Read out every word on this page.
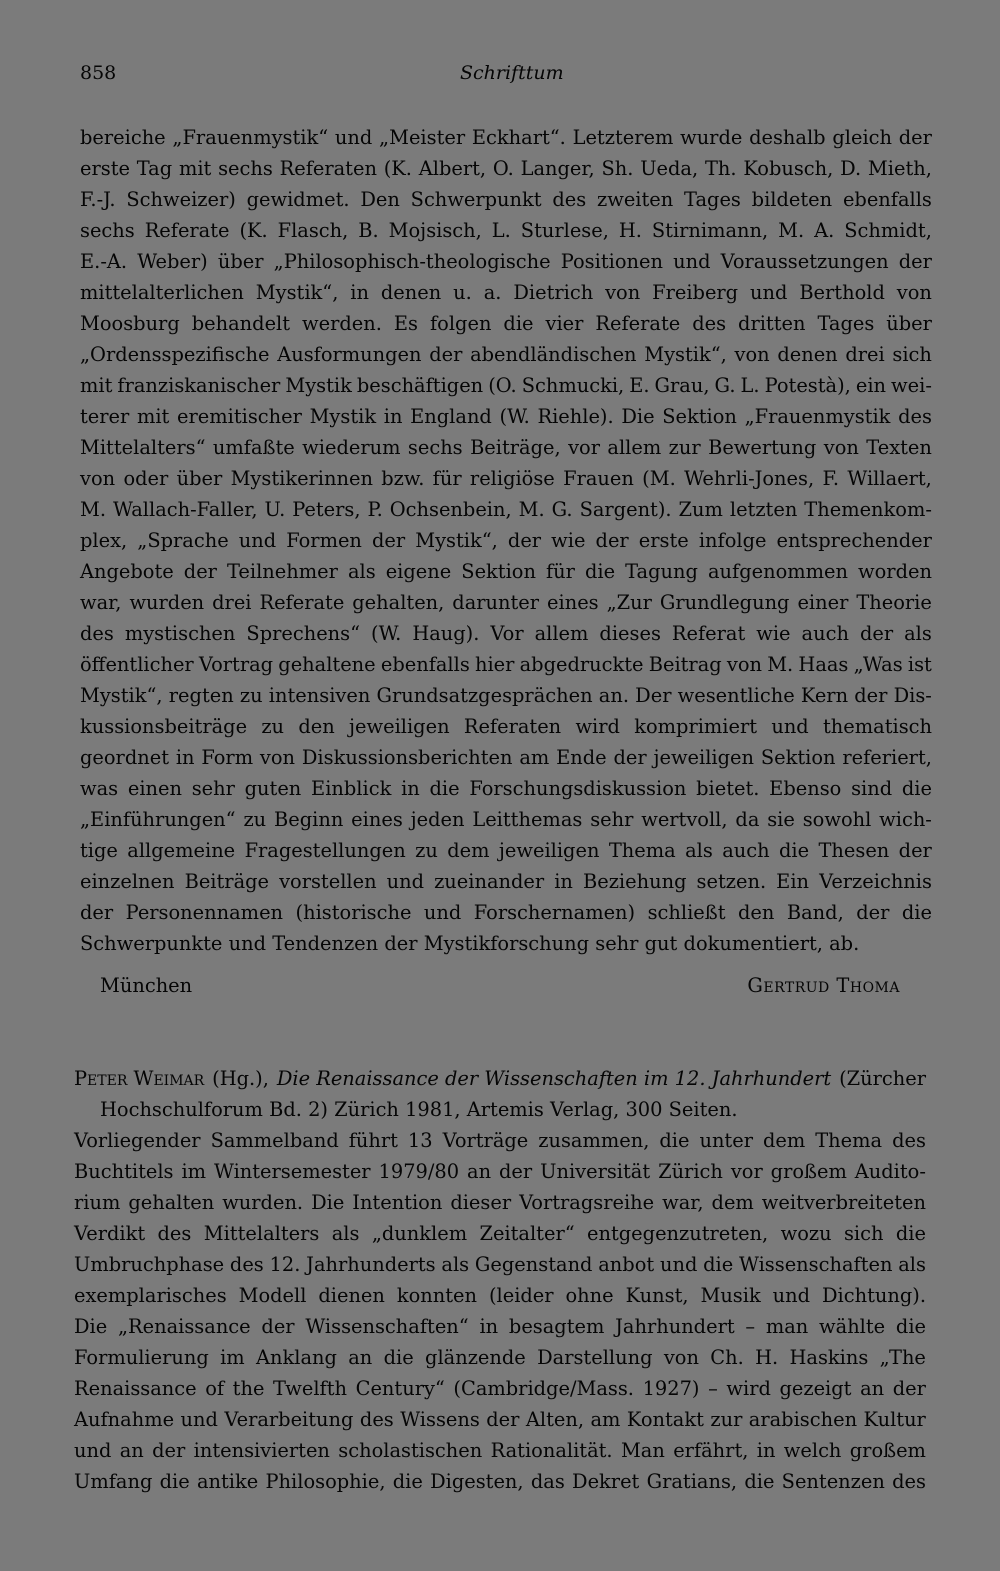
858	Schrifttum
bereiche „Frauenmystik“ und „Meister Eckhart“. Letzterem wurde deshalb gleich der
erste Tag mit sechs Referaten (K. Albert, O. Langer, Sh. Ueda, Th. Kobusch, D. Mieth,
F.-J. Schweizer) gewidmet. Den Schwerpunkt des zweiten Tages bildeten ebenfalls
sechs Referate (K. Flasch, B. Mojsisch, L. Sturlese, H. Stirnimann, M. A. Schmidt,
E.-A. Weber) über „Philosophisch-theologische Positionen und Voraussetzungen der
mittelalterlichen Mystik“, in denen u. a. Dietrich von Freiberg und Berthold von
Moosburg behandelt werden. Es folgen die vier Referate des dritten Tages über
„Ordensspezifische Ausformungen der abendländischen Mystik“, von denen drei sich
mit franziskanischer Mystik beschäftigen (O. Schmucki, E. Grau, G. L. Potestà), ein wei-
terer mit eremitischer Mystik in England (W. Riehle). Die Sektion „Frauenmystik des
Mittelalters“ umfaßte wiederum sechs Beiträge, vor allem zur Bewertung von Texten
von oder über Mystikerinnen bzw. für religiöse Frauen (M. Wehrli-Jones, F. Willaert,
M. Wallach-Faller, U. Peters, P. Ochsenbein, M. G. Sargent). Zum letzten Themenkom-
plex, „Sprache und Formen der Mystik“, der wie der erste infolge entsprechender
Angebote der Teilnehmer als eigene Sektion für die Tagung aufgenommen worden
war, wurden drei Referate gehalten, darunter eines „Zur Grundlegung einer Theorie
des mystischen Sprechens“ (W. Haug). Vor allem dieses Referat wie auch der als
öffentlicher Vortrag gehaltene ebenfalls hier abgedruckte Beitrag von M. Haas „Was ist
Mystik“, regten zu intensiven Grundsatzgesprächen an. Der wesentliche Kern der Dis-
kussionsbeiträge zu den jeweiligen Referaten wird komprimiert und thematisch
geordnet in Form von Diskussionsberichten am Ende der jeweiligen Sektion referiert,
was einen sehr guten Einblick in die Forschungsdiskussion bietet. Ebenso sind die
„Einführungen“ zu Beginn eines jeden Leitthemas sehr wertvoll, da sie sowohl wich-
tige allgemeine Fragestellungen zu dem jeweiligen Thema als auch die Thesen der
einzelnen Beiträge vorstellen und zueinander in Beziehung setzen. Ein Verzeichnis
der Personennamen (historische und Forschernamen) schließt den Band, der die
Schwerpunkte und Tendenzen der Mystikforschung sehr gut dokumentiert, ab.
München	Gertrud Thoma
Peter Weimar (Hg.), Die Renaissance der Wissenschaften im 12. Jahrhundert (Zürcher
Hochschulforum Bd. 2) Zürich 1981, Artemis Verlag, 300 Seiten.
Vorliegender Sammelband führt 13 Vorträge zusammen, die unter dem Thema des
Buchtitels im Wintersemester 1979/80 an der Universität Zürich vor großem Audito-
rium gehalten wurden. Die Intention dieser Vortragsreihe war, dem weitverbreiteten
Verdikt des Mittelalters als „dunklem Zeitalter“ entgegenzutreten, wozu sich die
Umbruchphase des 12. Jahrhunderts als Gegenstand anbot und die Wissenschaften als
exemplarisches Modell dienen konnten (leider ohne Kunst, Musik und Dichtung).
Die „Renaissance der Wissenschaften“ in besagtem Jahrhundert – man wählte die
Formulierung im Anklang an die glänzende Darstellung von Ch. H. Haskins „The
Renaissance of the Twelfth Century“ (Cambridge/Mass. 1927) – wird gezeigt an der
Aufnahme und Verarbeitung des Wissens der Alten, am Kontakt zur arabischen Kultur
und an der intensivierten scholastischen Rationalität. Man erfährt, in welch großem
Umfang die antike Philosophie, die Digesten, das Dekret Gratians, die Sentenzen des
